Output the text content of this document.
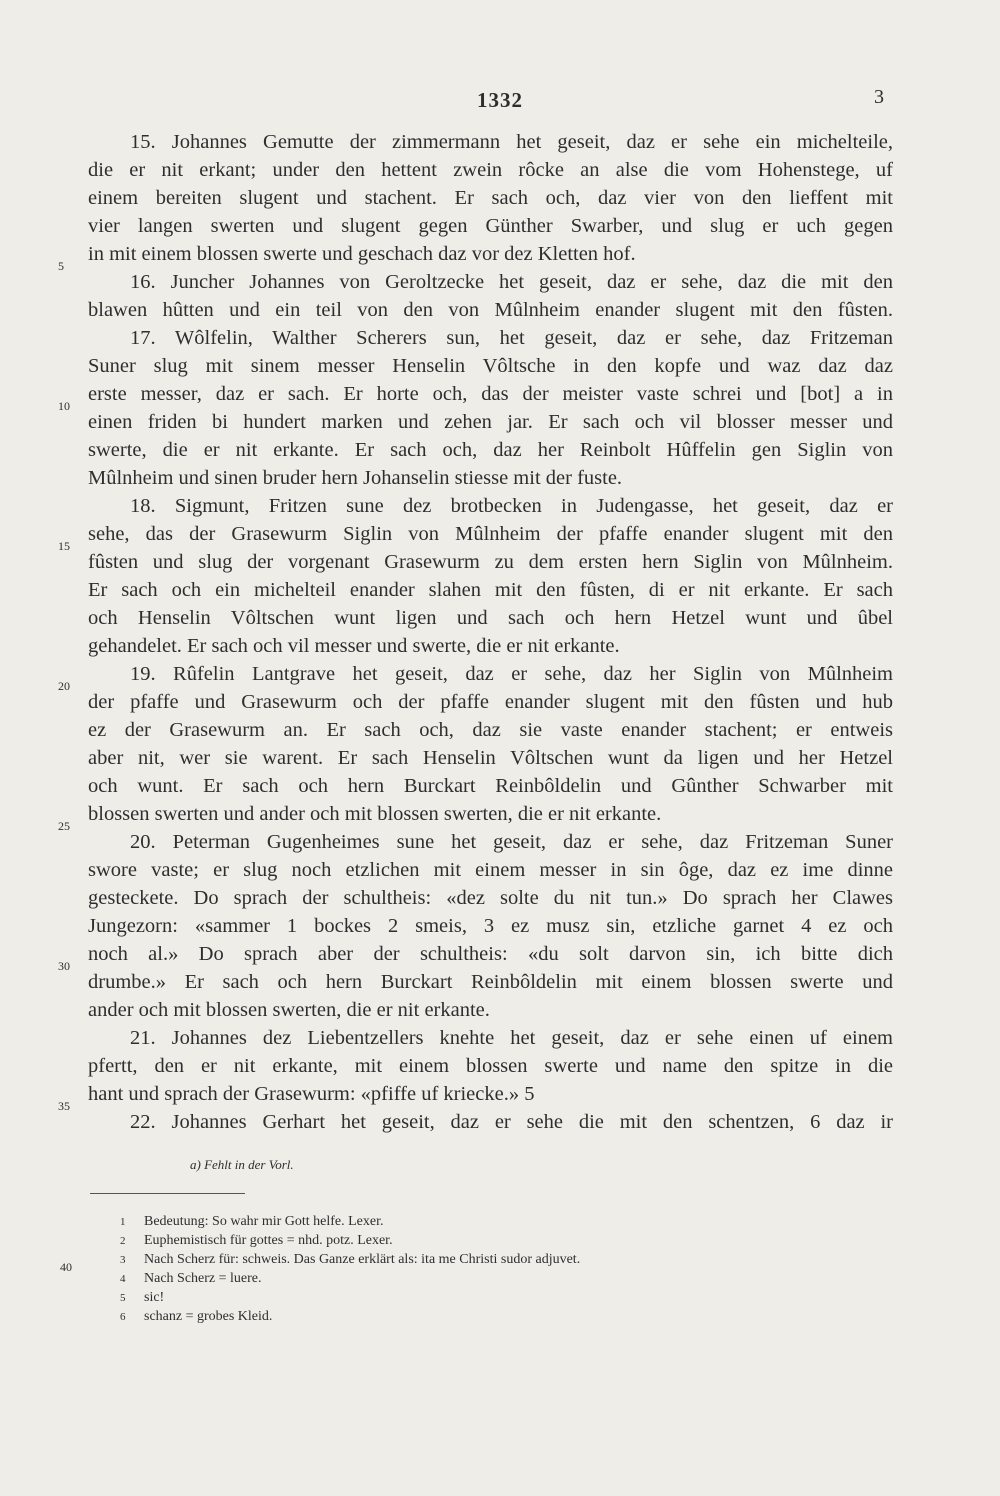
1332	3
15. Johannes Gemutte der zimmermann het geseit, daz er sehe ein michelteile,
die er nit erkant; under den hettent zwein rôcke an alse die vom Hohenstege, uf
einem bereiten slugent und stachent. Er sach och, daz vier von den lieffent mit
vier langen swerten und slugent gegen Günther Swarber, und slug er uch gegen
in mit einem blossen swerte und geschach daz vor dez Kletten hof.
16. Juncher Johannes von Geroltzecke het geseit, daz er sehe, daz die mit den
blawen hûtten und ein teil von den von Mûlnheim enander slugent mit den fûsten.
17. Wôlfelin, Walther Scherers sun, het geseit, daz er sehe, daz Fritzeman
Suner slug mit sinem messer Henselin Vôltsche in den kopfe und waz daz daz
erste messer, daz er sach. Er horte och, das der meister vaste schrei und [bot] a in
einen friden bi hundert marken und zehen jar. Er sach och vil blosser messer und
swerte, die er nit erkante. Er sach och, daz her Reinbolt Hûffelin gen Siglin von
Mûlnheim und sinen bruder hern Johanselin stiesse mit der fuste.
18. Sigmunt, Fritzen sune dez brotbecken in Judengasse, het geseit, daz er
sehe, das der Grasewurm Siglin von Mûlnheim der pfaffe enander slugent mit den
fûsten und slug der vorgenant Grasewurm zu dem ersten hern Siglin von Mûlnheim.
Er sach och ein michelteil enander slahen mit den fûsten, di er nit erkante. Er sach
och Henselin Vôltschen wunt ligen und sach och hern Hetzel wunt und ûbel
gehandelet. Er sach och vil messer und swerte, die er nit erkante.
19. Rûfelin Lantgrave het geseit, daz er sehe, daz her Siglin von Mûlnheim
der pfaffe und Grasewurm och der pfaffe enander slugent mit den fûsten und hub
ez der Grasewurm an. Er sach och, daz sie vaste enander stachent; er entweis
aber nit, wer sie warent. Er sach Henselin Vôltschen wunt da ligen und her Hetzel
och wunt. Er sach och hern Burckart Reinbôldelin und Gûnther Schwarber mit
blossen swerten und ander och mit blossen swerten, die er nit erkante.
20. Peterman Gugenheimes sune het geseit, daz er sehe, daz Fritzeman Suner
swore vaste; er slug noch etzlichen mit einem messer in sin ôge, daz ez ime dinne
gesteckete. Do sprach der schultheis: «dez solte du nit tun.» Do sprach her Clawes
Jungezorn: «sammer 1 bockes 2 smeis, 3 ez musz sin, etzliche garnet 4 ez och
noch al.» Do sprach aber der schultheis: «du solt darvon sin, ich bitte dich
drumbe.» Er sach och hern Burckart Reinbôldelin mit einem blossen swerte und
ander och mit blossen swerten, die er nit erkante.
21. Johannes dez Liebentzellers knehte het geseit, daz er sehe einen uf einem
pfertt, den er nit erkante, mit einem blossen swerte und name den spitze in die
hant und sprach der Grasewurm: «pfiffe uf kriecke.» 5
22. Johannes Gerhart het geseit, daz er sehe die mit den schentzen, 6 daz ir
5
10
15
20
25
30
35
a) Fehlt in der Vorl.
1 Bedeutung: So wahr mir Gott helfe. Lexer.
2 Euphemistisch für gottes = nhd. potz. Lexer.
3 Nach Scherz für: schweis. Das Ganze erklärt als: ita me Christi sudor adjuvet.
4 Nach Scherz = luere.
5 sic!
6 schanz = grobes Kleid.
40
